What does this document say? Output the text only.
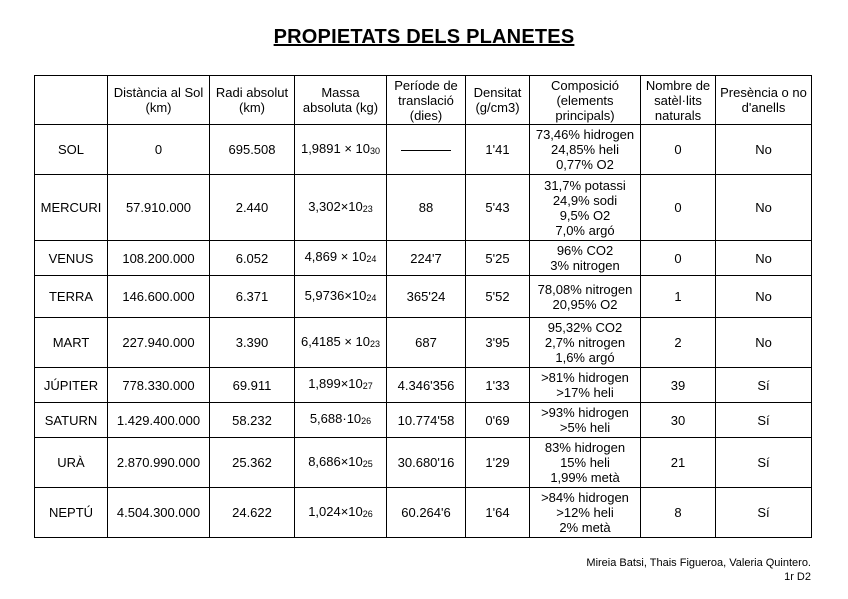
PROPIETATS DELS PLANETES
	Distància al Sol (km)	Radi absolut (km)	Massa absoluta (kg)	Període de translació (dies)	Densitat (g/cm3)	Composició (elements principals)	Nombre de satèl·lits naturals	Presència o no d'anells
SOL	0	695.508	1,9891 × 1030		1'41	73,46% hidrogen
24,85% heli
0,77% O2	0	No
MERCURI	57.910.000	2.440	3,302×1023	88	5'43	31,7% potassi
24,9% sodi
9,5% O2
7,0% argó	0	No
VENUS	108.200.000	6.052	4,869 × 1024	224'7	5'25	96% CO2
3% nitrogen	0	No
TERRA	146.600.000	6.371	5,9736×1024	365'24	5'52	78,08% nitrogen
20,95% O2	1	No
MART	227.940.000	3.390	6,4185 × 1023	687	3'95	95,32% CO2
2,7% nitrogen
1,6% argó	2	No
JÚPITER	778.330.000	69.911	1,899×1027	4.346'356	1'33	>81% hidrogen
>17% heli	39	Sí
SATURN	1.429.400.000	58.232	5,688·1026	10.774'58	0'69	>93% hidrogen
>5% heli	30	Sí
URÀ	2.870.990.000	25.362	8,686×1025	30.680'16	1'29	83% hidrogen
15% heli
1,99% metà	21	Sí
NEPTÚ	4.504.300.000	24.622	1,024×1026	60.264'6	1'64	>84% hidrogen
>12% heli
2% metà	8	Sí
Mireia Batsi, Thais Figueroa, Valeria Quintero.
1r D2
